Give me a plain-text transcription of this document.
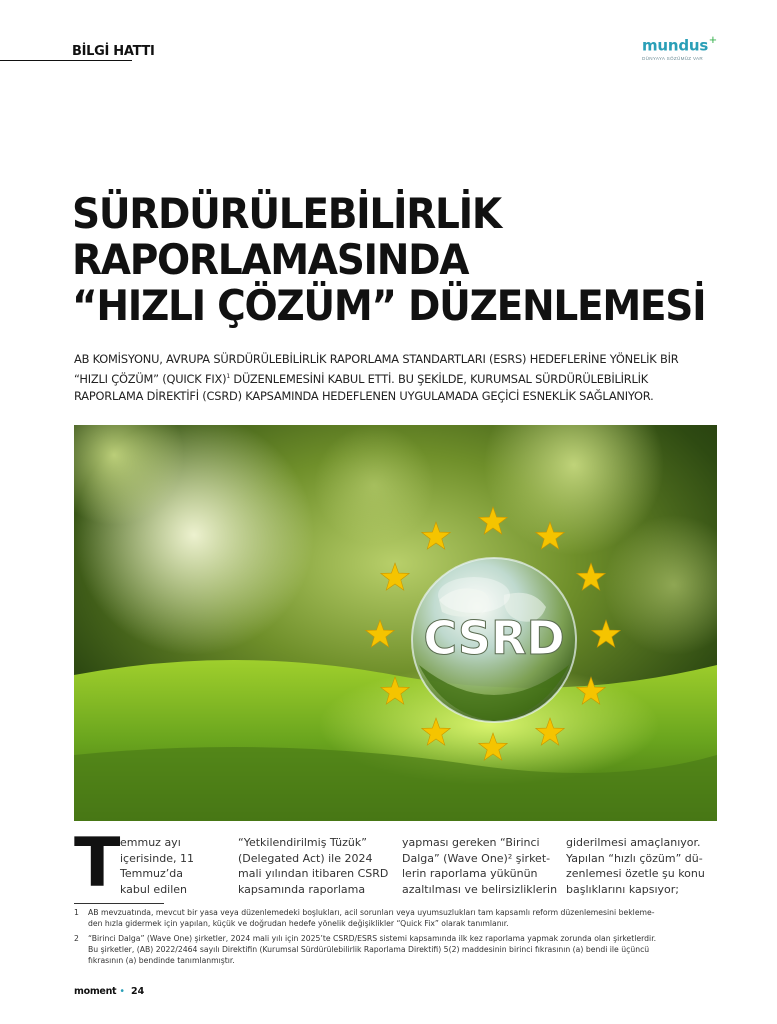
BİLGİ HATTI	mundus+
DÜNYAYA SÖZÜMÜZ VAR
SÜRDÜRÜLEBİLİRLİK
RAPORLAMASINDA
“HIZLI ÇÖZÜM” DÜZENLEMESİ

AB KOMİSYONU, AVRUPA SÜRDÜRÜLEBİLİRLİK RAPORLAMA STANDARTLARI (ESRS) HEDEFLERİNE YÖNELİK BİR “HIZLI ÇÖZÜM” (QUICK FIX)$^1$ DÜZENLEMESİNİ KABUL ETTİ. BU ŞEKİLDE, KURUMSAL SÜRDÜRÜLEBİLİRLİK RAPORLAMA DİREKTİFİ (CSRD) KAPSAMINDA HEDEFLENEN UYGULAMADA GEÇİCİ ESNEKLİK SAĞLANIYOR.

CSRD
T emmuz ayı
içerisinde, 11
Temmuz’da
kabul edilen
“Yetkilendirilmiş Tüzük”
(Delegated Act) ile 2024
mali yılından itibaren CSRD
kapsamında raporlama
yapması gereken “Birinci
Dalga” (Wave One)² şirket-
lerin raporlama yükünün
azaltılması ve belirsizliklerin
giderilmesi amaçlanıyor.
Yapılan “hızlı çözüm” dü-
zenlemesi özetle şu konu
başlıklarını kapsıyor;
1 AB mevzuatında, mevcut bir yasa veya düzenlemedeki boşlukları, acil sorunları veya uyumsuzlukları tam kapsamlı reform düzenlemesini bekleme-
den hızla gidermek için yapılan, küçük ve doğrudan hedefe yönelik değişiklikler “Quick Fix” olarak tanımlanır.
2 “Birinci Dalga” (Wave One) şirketler, 2024 mali yılı için 2025’te CSRD/ESRS sistemi kapsamında ilk kez raporlama yapmak zorunda olan şirketlerdir.
Bu şirketler, (AB) 2022/2464 sayılı Direktifin (Kurumsal Sürdürülebilirlik Raporlama Direktifi) 5(2) maddesinin birinci fıkrasının (a) bendi ile üçüncü
fıkrasının (a) bendinde tanımlanmıştır.
moment • 24
